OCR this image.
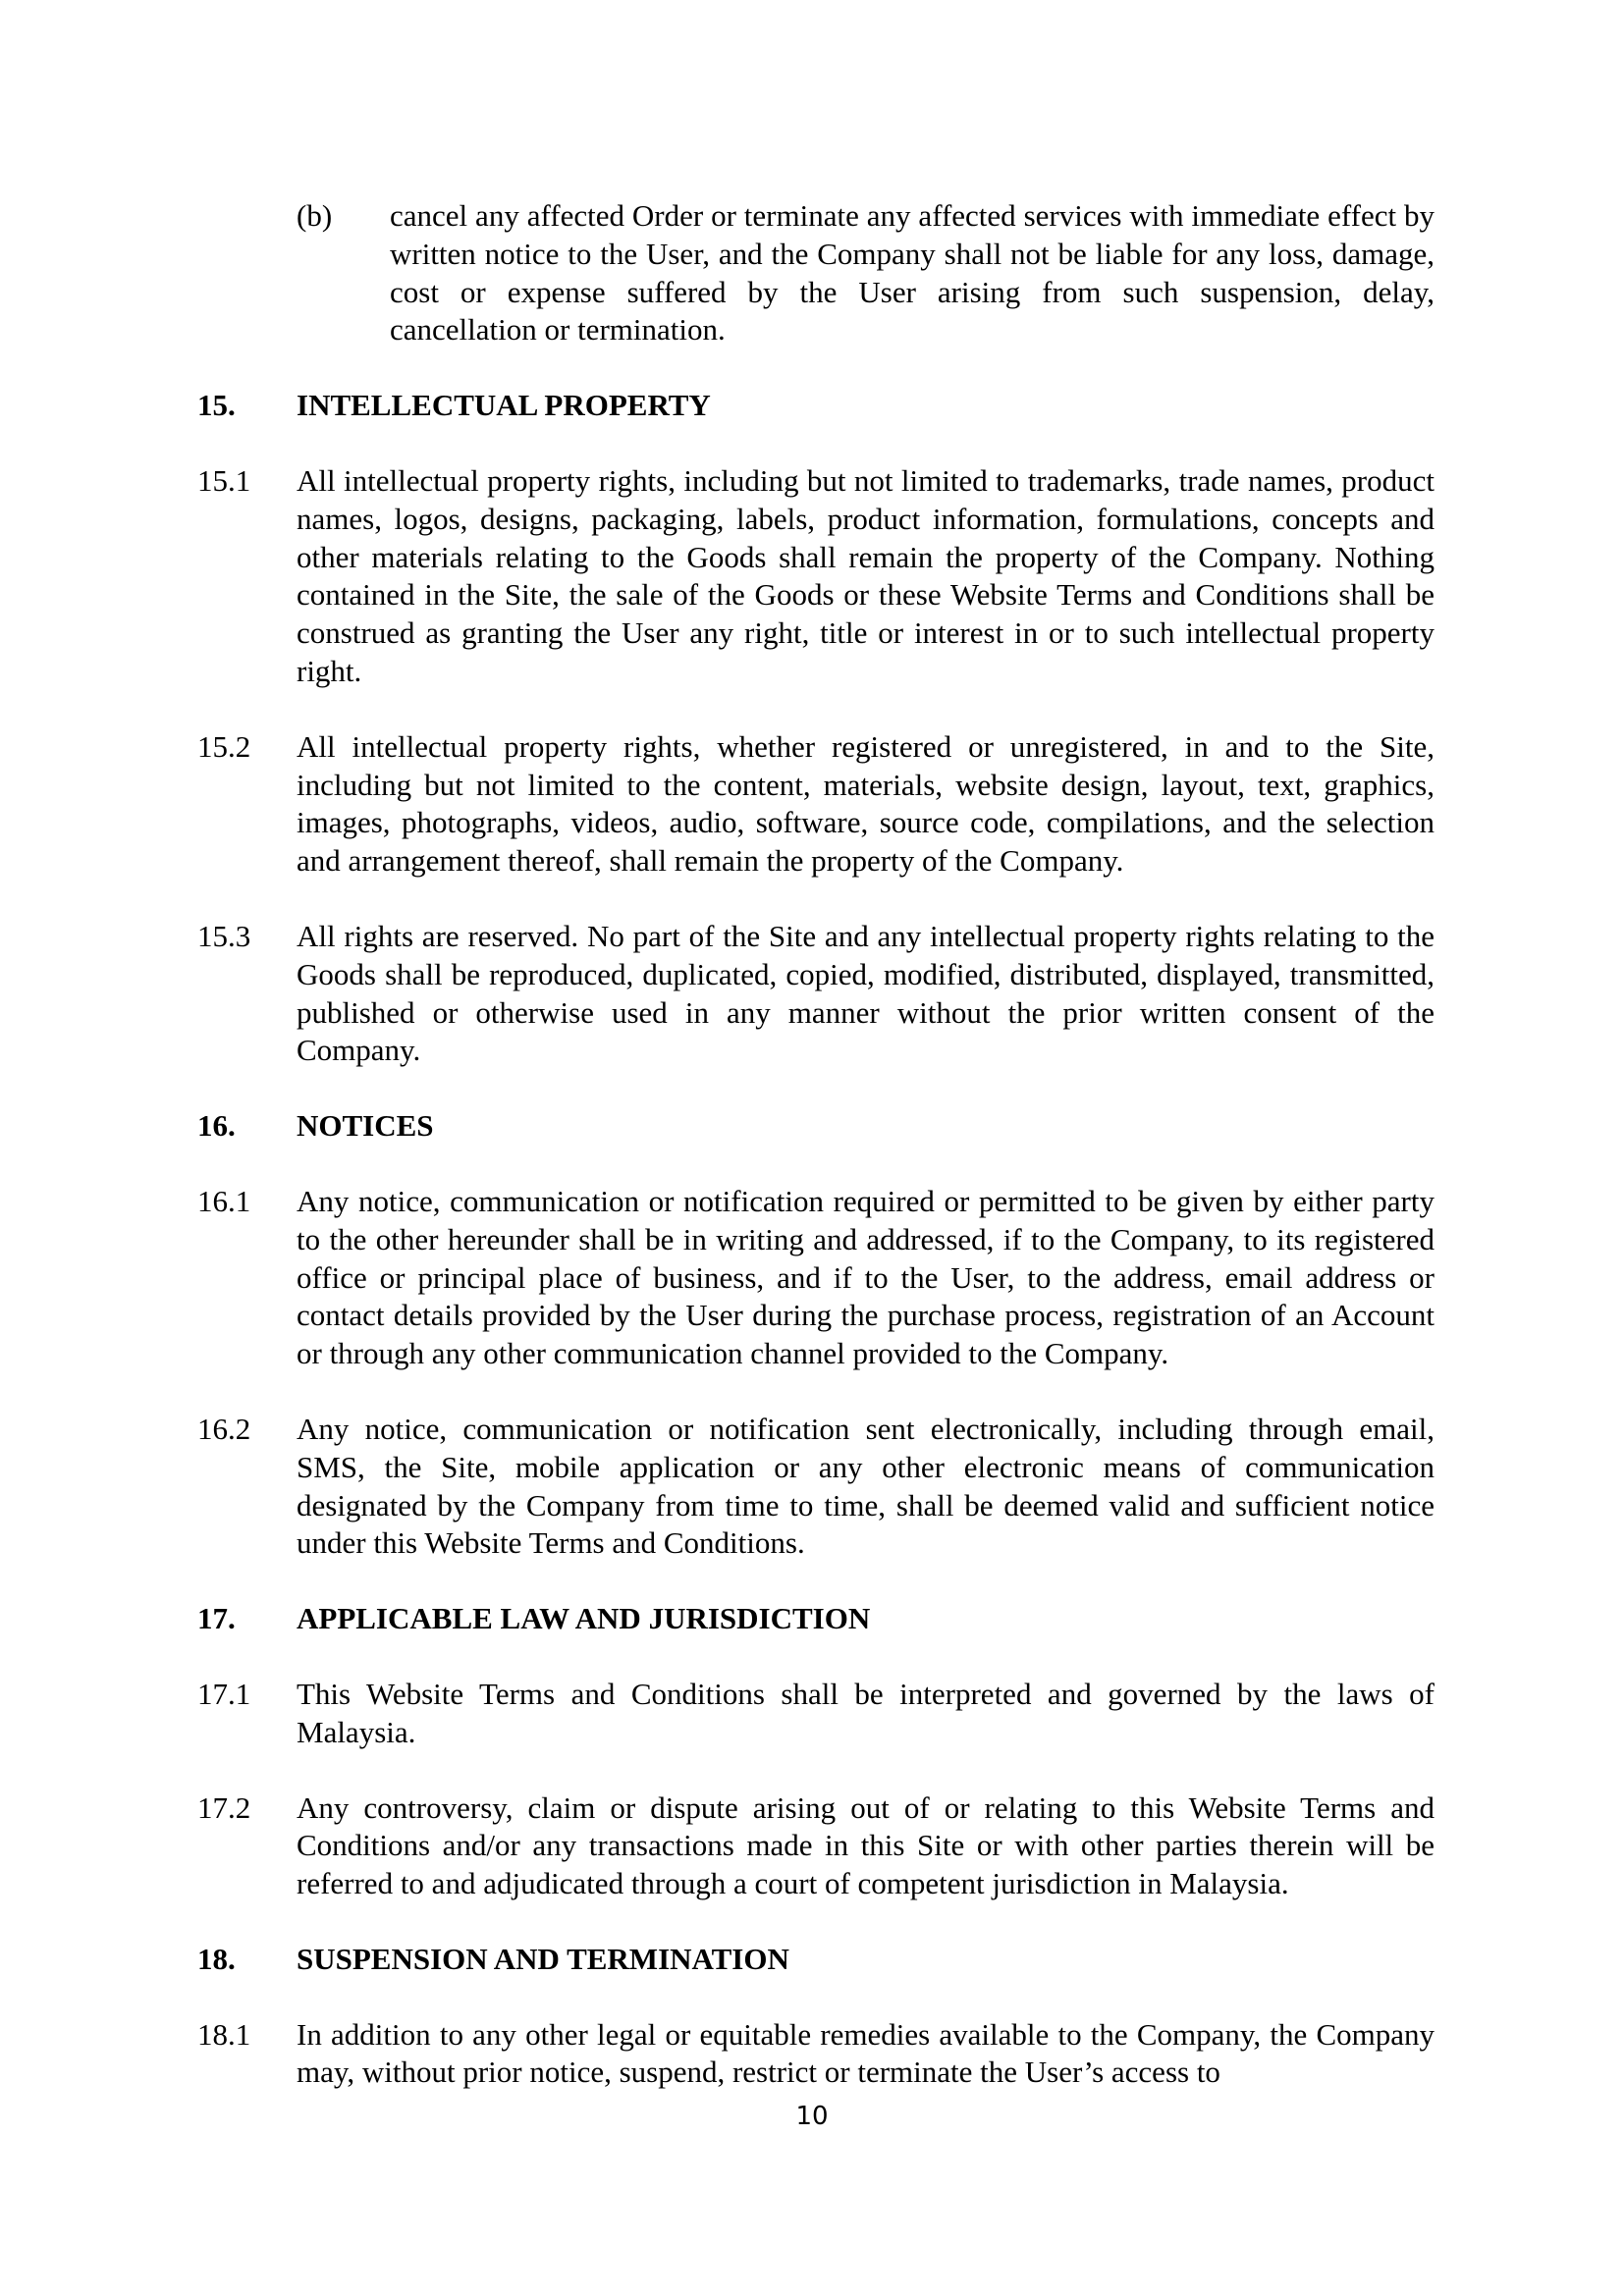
(b) cancel any affected Order or terminate any affected services with immediate effect by written notice to the User, and the Company shall not be liable for any loss, damage, cost or expense suffered by the User arising from such suspension, delay, cancellation or termination.
15. INTELLECTUAL PROPERTY
15.1 All intellectual property rights, including but not limited to trademarks, trade names, product names, logos, designs, packaging, labels, product information, formulations, concepts and other materials relating to the Goods shall remain the property of the Company. Nothing contained in the Site, the sale of the Goods or these Website Terms and Conditions shall be construed as granting the User any right, title or interest in or to such intellectual property right.
15.2 All intellectual property rights, whether registered or unregistered, in and to the Site, including but not limited to the content, materials, website design, layout, text, graphics, images, photographs, videos, audio, software, source code, compilations, and the selection and arrangement thereof, shall remain the property of the Company.
15.3 All rights are reserved. No part of the Site and any intellectual property rights relating to the Goods shall be reproduced, duplicated, copied, modified, distributed, displayed, transmitted, published or otherwise used in any manner without the prior written consent of the Company.
16. NOTICES
16.1 Any notice, communication or notification required or permitted to be given by either party to the other hereunder shall be in writing and addressed, if to the Company, to its registered office or principal place of business, and if to the User, to the address, email address or contact details provided by the User during the purchase process, registration of an Account or through any other communication channel provided to the Company.
16.2 Any notice, communication or notification sent electronically, including through email, SMS, the Site, mobile application or any other electronic means of communication designated by the Company from time to time, shall be deemed valid and sufficient notice under this Website Terms and Conditions.
17. APPLICABLE LAW AND JURISDICTION
17.1 This Website Terms and Conditions shall be interpreted and governed by the laws of Malaysia.
17.2 Any controversy, claim or dispute arising out of or relating to this Website Terms and Conditions and/or any transactions made in this Site or with other parties therein will be referred to and adjudicated through a court of competent jurisdiction in Malaysia.
18. SUSPENSION AND TERMINATION
18.1 In addition to any other legal or equitable remedies available to the Company, the Company may, without prior notice, suspend, restrict or terminate the User’s access to
10
